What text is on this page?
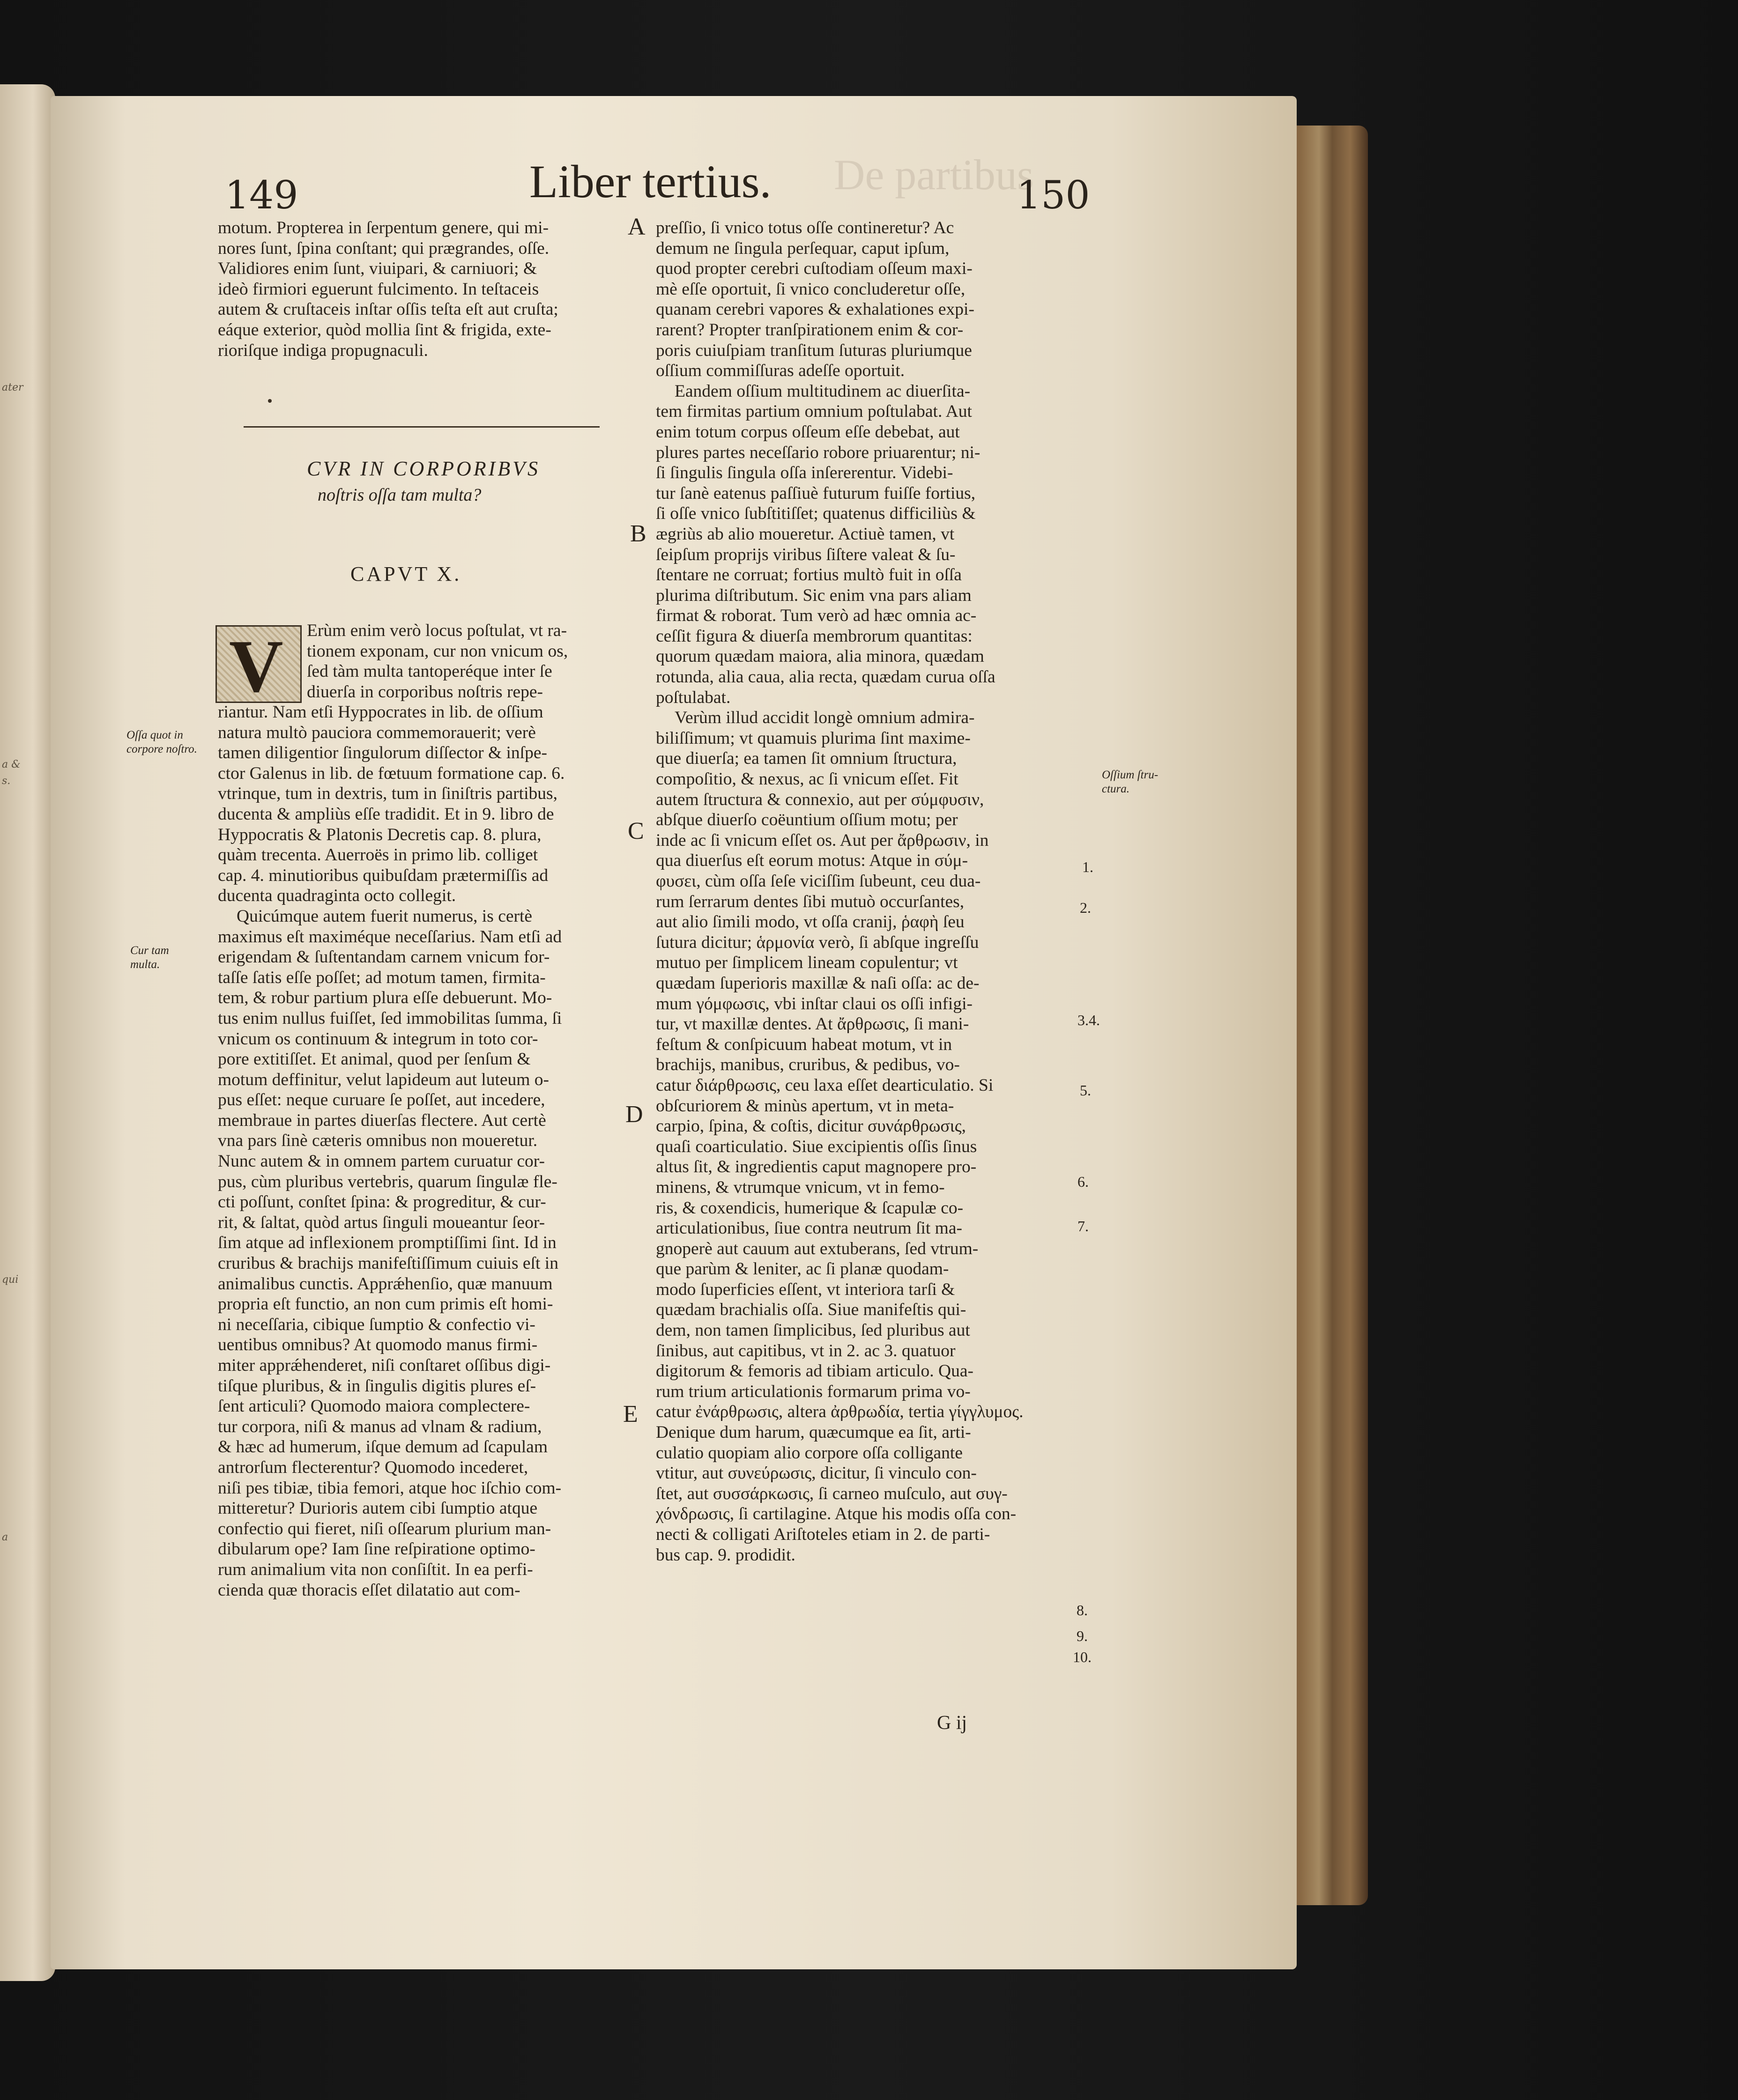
ater
a &
s.
qui
a
De partibus
149	Liber tertius.	150
motum. Propterea in ſerpentum genere, qui mi-
nores ſunt, ſpina conſtant; qui prægrandes, oſſe.
Validiores enim ſunt, viuipari, & carniuori; &
ideò firmiori eguerunt fulcimento. In teſtaceis
autem & cruſtaceis inſtar oſſis teſta eſt aut cruſta;
eáque exterior, quòd mollia ſint & frigida, exte-
rioriſque indiga propugnaculi.
CVR IN CORPORIBVS
noſtris oſſa tam multa?
CAPVT X.
V Erùm enim verò locus poſtulat, vt ra-
tionem exponam, cur non vnicum os,
ſed tàm multa tantoperéque inter ſe
diuerſa in corporibus noſtris repe-
riantur. Nam etſi Hyppocrates in lib. de oſſium
natura multò pauciora commemorauerit; verè
tamen diligentior ſingulorum diſſector & inſpe-
ctor Galenus in lib. de fœtuum formatione cap. 6.
vtrinque, tum in dextris, tum in ſiniſtris partibus,
ducenta & ampliùs eſſe tradidit. Et in 9. libro de
Hyppocratis & Platonis Decretis cap. 8. plura,
quàm trecenta. Auerroës in primo lib. colliget
cap. 4. minutioribus quibuſdam prætermiſſis ad
ducenta quadraginta octo collegit.
Quicúmque autem fuerit numerus, is certè
maximus eſt maximéque neceſſarius. Nam etſi ad
erigendam & ſuſtentandam carnem vnicum for-
taſſe ſatis eſſe poſſet; ad motum tamen, firmita-
tem, & robur partium plura eſſe debuerunt. Mo-
tus enim nullus fuiſſet, ſed immobilitas ſumma, ſi
vnicum os continuum & integrum in toto cor-
pore extitiſſet. Et animal, quod per ſenſum &
motum deffinitur, velut lapideum aut luteum o-
pus eſſet: neque curuare ſe poſſet, aut incedere,
membraue in partes diuerſas flectere. Aut certè
vna pars ſinè cæteris omnibus non moueretur.
Nunc autem & in omnem partem curuatur cor-
pus, cùm pluribus vertebris, quarum ſingulæ fle-
cti poſſunt, conſtet ſpina: & progreditur, & cur-
rit, & ſaltat, quòd artus ſinguli moueantur ſeor-
ſim atque ad inflexionem promptiſſimi ſint. Id in
cruribus & brachijs manifeſtiſſimum cuiuis eſt in
animalibus cunctis. Apprǽhenſio, quæ manuum
propria eſt functio, an non cum primis eſt homi-
ni neceſſaria, cibique ſumptio & confectio vi-
uentibus omnibus? At quomodo manus firmi-
miter apprǽhenderet, niſi conſtaret oſſibus digi-
tiſque pluribus, & in ſingulis digitis plures eſ-
ſent articuli? Quomodo maiora complecterе-
tur corpora, niſi & manus ad vlnam & radium,
& hæc ad humerum, iſque demum ad ſcapulam
antrorſum flecterentur? Quomodo incederet,
niſi pes tibiæ, tibia femori, atque hoc iſchio com-
mitteretur? Durioris autem cibi ſumptio atque
confectio qui fieret, niſi oſſearum plurium man-
dibularum ope? Iam ſine reſpiratione optimo-
rum animalium vita non conſiſtit. In ea perfi-
cienda quæ thoracis eſſet dilatatio aut com-
Oſſa quot in
corpore noſtro.
Cur tam
multa.
A
B
C
D
E
preſſio, ſi vnico totus oſſe contineretur? Ac
demum ne ſingula perſequar, caput ipſum,
quod propter cerebri cuſtodiam oſſeum maxi-
mè eſſe oportuit, ſi vnico concluderetur oſſe,
quanam cerebri vapores & exhalationes expi-
rarent? Propter tranſpirationem enim & cor-
poris cuiuſpiam tranſitum ſuturas pluriumque
oſſium commiſſuras adeſſe oportuit.
Eandem oſſium multitudinem ac diuerſita-
tem firmitas partium omnium poſtulabat. Aut
enim totum corpus oſſeum eſſe debebat, aut
plures partes neceſſario robore priuarentur; ni-
ſi ſingulis ſingula oſſa inſererentur. Videbi-
tur ſanè eatenus paſſiuè futurum fuiſſe fortius,
ſi oſſe vnico ſubſtitiſſet; quatenus difficiliùs &
ægriùs ab alio moueretur. Actiuè tamen, vt
ſeipſum proprijs viribus ſiſtere valeat & ſu-
ſtentare ne corruat; fortius multò fuit in oſſa
plurima diſtributum. Sic enim vna pars aliam
firmat & roborat. Tum verò ad hæc omnia ac-
ceſſit figura & diuerſa membrorum quantitas:
quorum quædam maiora, alia minora, quædam
rotunda, alia caua, alia recta, quædam curua oſſa
poſtulabat.
Verùm illud accidit longè omnium admira-
biliſſimum; vt quamuis plurima ſint maxime-
que diuerſa; ea tamen ſit omnium ſtructura,
compoſitio, & nexus, ac ſi vnicum eſſet. Fit
autem ſtructura & connexio, aut per σύμφυσιν,
abſque diuerſo coëuntium oſſium motu; per
inde ac ſi vnicum eſſet os. Aut per ἄρθρωσιν, in
qua diuerſus eſt eorum motus: Atque in σύμ-
φυσει, cùm oſſa ſeſe viciſſim ſubeunt, ceu dua-
rum ſerrarum dentes ſibi mutuò occurſantes,
aut alio ſimili modo, vt oſſa cranij, ῥαφὴ ſeu
ſutura dicitur; ἁρμονία verò, ſi abſque ingreſſu
mutuo per ſimplicem lineam copulentur; vt
quædam ſuperioris maxillæ & naſi oſſa: ac de-
mum γόμφωσις, vbi inſtar claui os oſſi infigi-
tur, vt maxillæ dentes. At ἄρθρωσις, ſi mani-
feſtum & conſpicuum habeat motum, vt in
brachijs, manibus, cruribus, & pedibus, vo-
catur διάρθρωσις, ceu laxa eſſet dearticulatio. Si
obſcuriorem & minùs apertum, vt in meta-
carpio, ſpina, & coſtis, dicitur συνάρθρωσις,
quaſi coarticulatio. Siue excipientis oſſis ſinus
altus ſit, & ingredientis caput magnopere pro-
minens, & vtrumque vnicum, vt in femo-
ris, & coxendicis, humerique & ſcapulæ co-
articulationibus, ſiue contra neutrum ſit ma-
gnoperè aut cauum aut extuberans, ſed vtrum-
que parùm & leniter, ac ſi planæ quodam-
modo ſuperficies eſſent, vt interiora tarſi &
quædam brachialis oſſa. Siue manifeſtis qui-
dem, non tamen ſimplicibus, ſed pluribus aut
ſinibus, aut capitibus, vt in 2. ac 3. quatuor
digitorum & femoris ad tibiam articulo. Qua-
rum trium articulationis formarum prima vo-
catur ἐνάρθρωσις, altera ἀρθρωδία, tertia γίγγλυμος.
Denique dum harum, quæcumque ea ſit, arti-
culatio quopiam alio corpore oſſa colligante
vtitur, aut συνεύρωσις, dicitur, ſi vinculo con-
ſtet, aut συσσάρκωσις, ſi carneo muſculo, aut συγ-
χόνδρωσις, ſi cartilagine. Atque his modis oſſa con-
necti & colligati Ariſtoteles etiam in 2. de parti-
bus cap. 9. prodidit.
Oſſium ſtru-
ctura.
1.
2.
3.4.
5.
6.
7.
8.
9.
10.
G ij
